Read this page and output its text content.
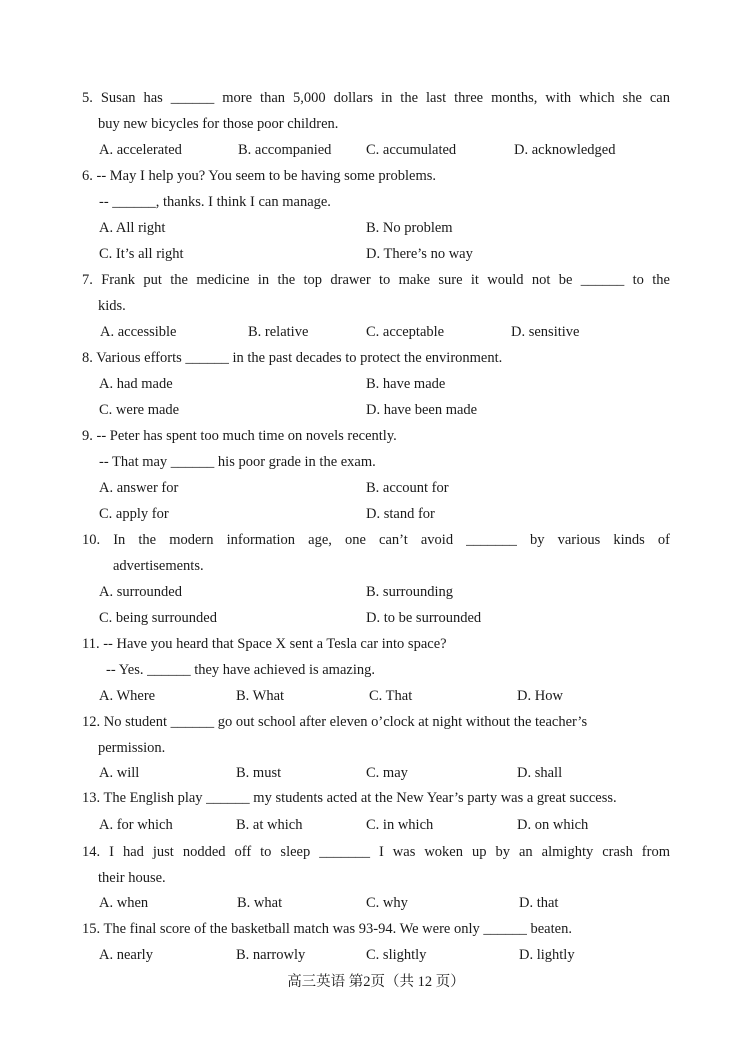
5. Susan has ______ more than 5,000 dollars in the last three months, with which she can
buy new bicycles for those poor children.
A. accelerated	B. accompanied C. accumulated	D. acknowledged
6. -- May I help you? You seem to be having some problems.
-- ______, thanks. I think I can manage.
A. All right	B. No problem
C. It’s all right	D. There’s no way
7. Frank put the medicine in the top drawer to make sure it would not be ______ to the
kids.
A. accessible	B. relative	C. acceptable	D. sensitive
8. Various efforts ______ in the past decades to protect the environment.
A. had made	B. have made
C. were made	D. have been made
9. -- Peter has spent too much time on novels recently.
-- That may ______ his poor grade in the exam.
A. answer for	B. account for
C. apply for	D. stand for
10. In the modern information age, one can’t avoid _______ by various kinds of
advertisements.
A. surrounded	B. surrounding
C. being surrounded	D. to be surrounded
11. -- Have you heard that Space X sent a Tesla car into space?
-- Yes. ______ they have achieved is amazing.
A. Where	B. What	C. That	D. How
12. No student ______ go out school after eleven o’clock at night without the teacher’s
permission.
A. will	B. must	C. may	D. shall
13. The English play ______ my students acted at the New Year’s party was a great success.
A. for which	B. at which	C. in which	D. on which
14. I had just nodded off to sleep _______ I was woken up by an almighty crash from
their house.
A. when	B. what	C. why	D. that
15. The final score of the basketball match was 93-94. We were only ______ beaten.
A. nearly	B. narrowly	C. slightly	D. lightly
高三英语 第2页（共 12 页）
